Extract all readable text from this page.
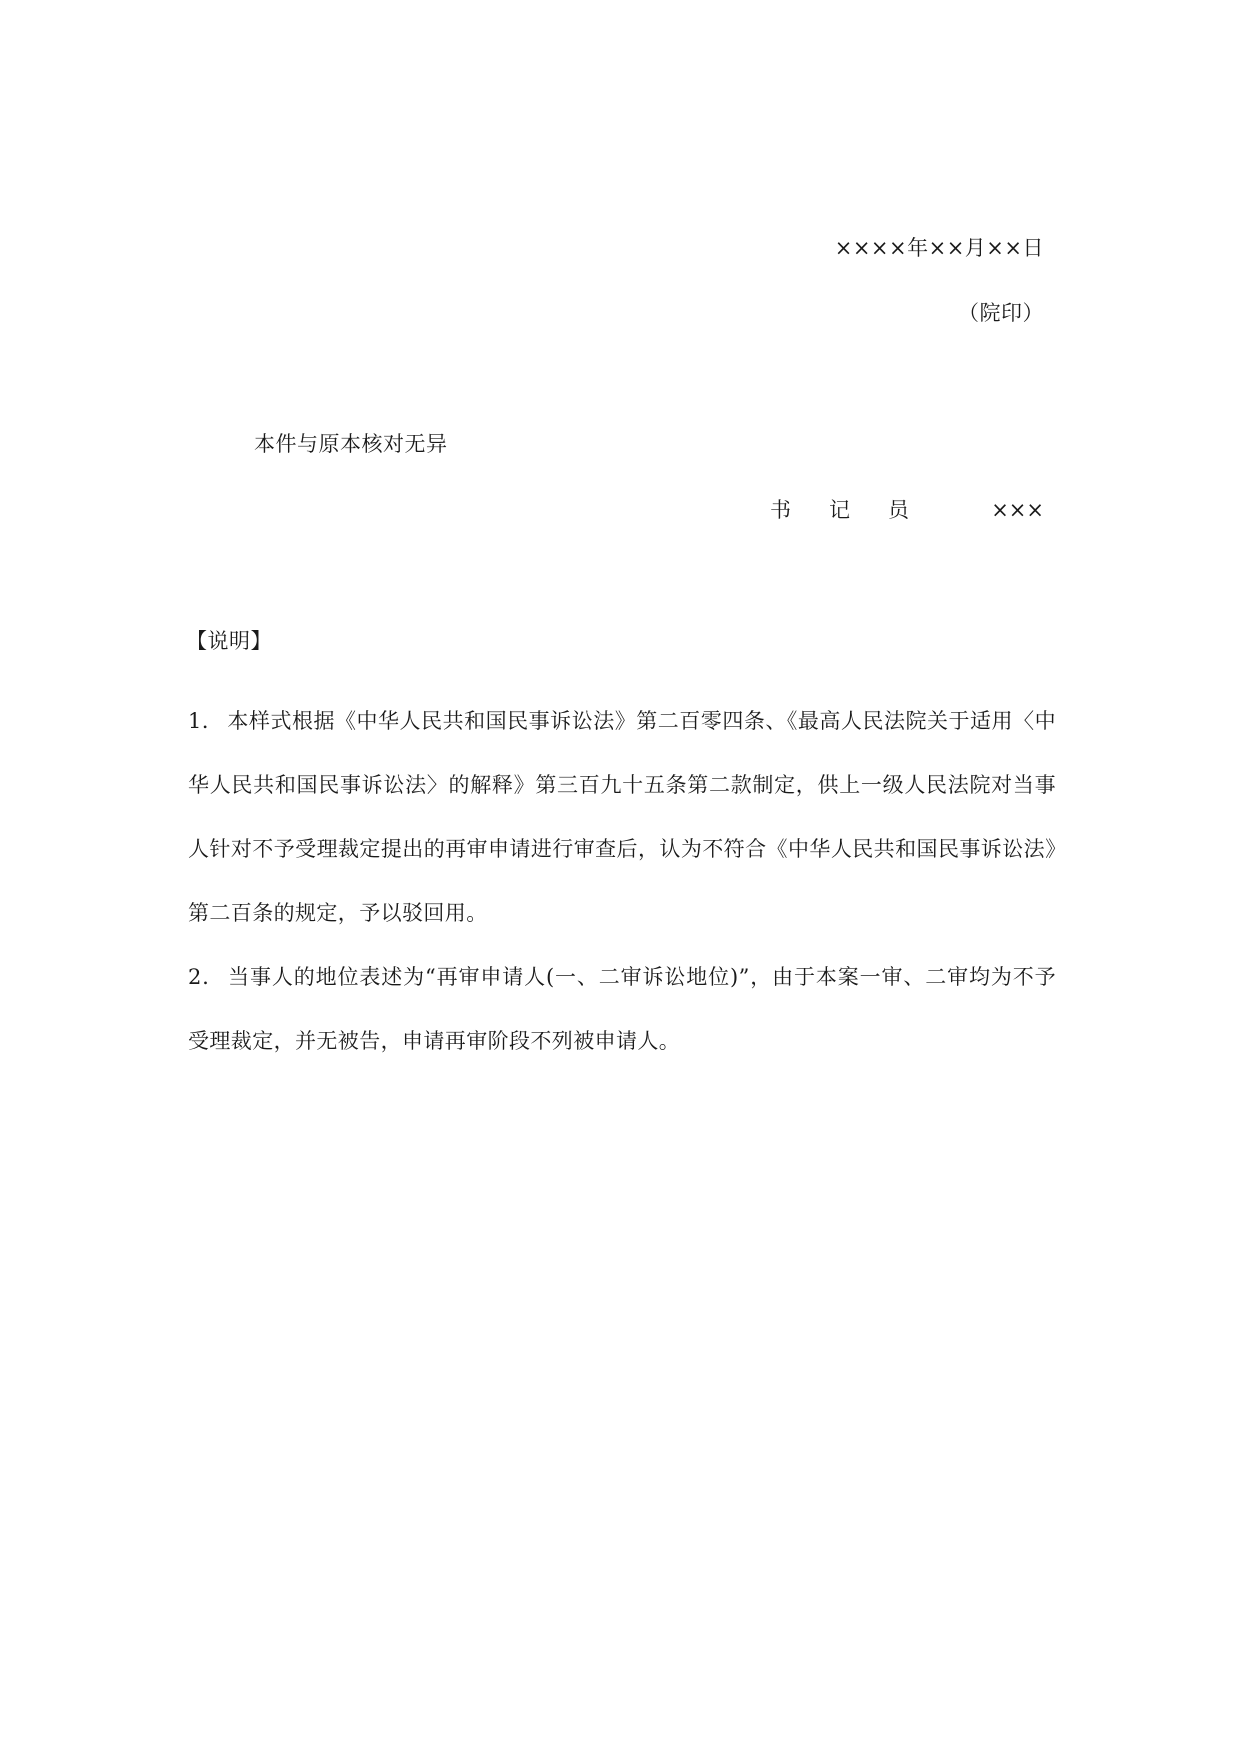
××××年××月××日
（院印）
本件与原本核对无异
书记员 ×××
【说明】

1． 本样式根据《中华人民共和国民事诉讼法》第二百零四条、《最高人民法院关于适用〈中华人民共和国民事诉讼法〉的解释》第三百九十五条第二款制定，供上一级人民法院对当事人针对不予受理裁定提出的再审申请进行审查后，认为不符合《中华人民共和国民事诉讼法》第二百条的规定，予以驳回用。

2． 当事人的地位表述为“再审申请人(一、二审诉讼地位)”，由于本案一审、二审均为不予受理裁定，并无被告，申请再审阶段不列被申请人。
